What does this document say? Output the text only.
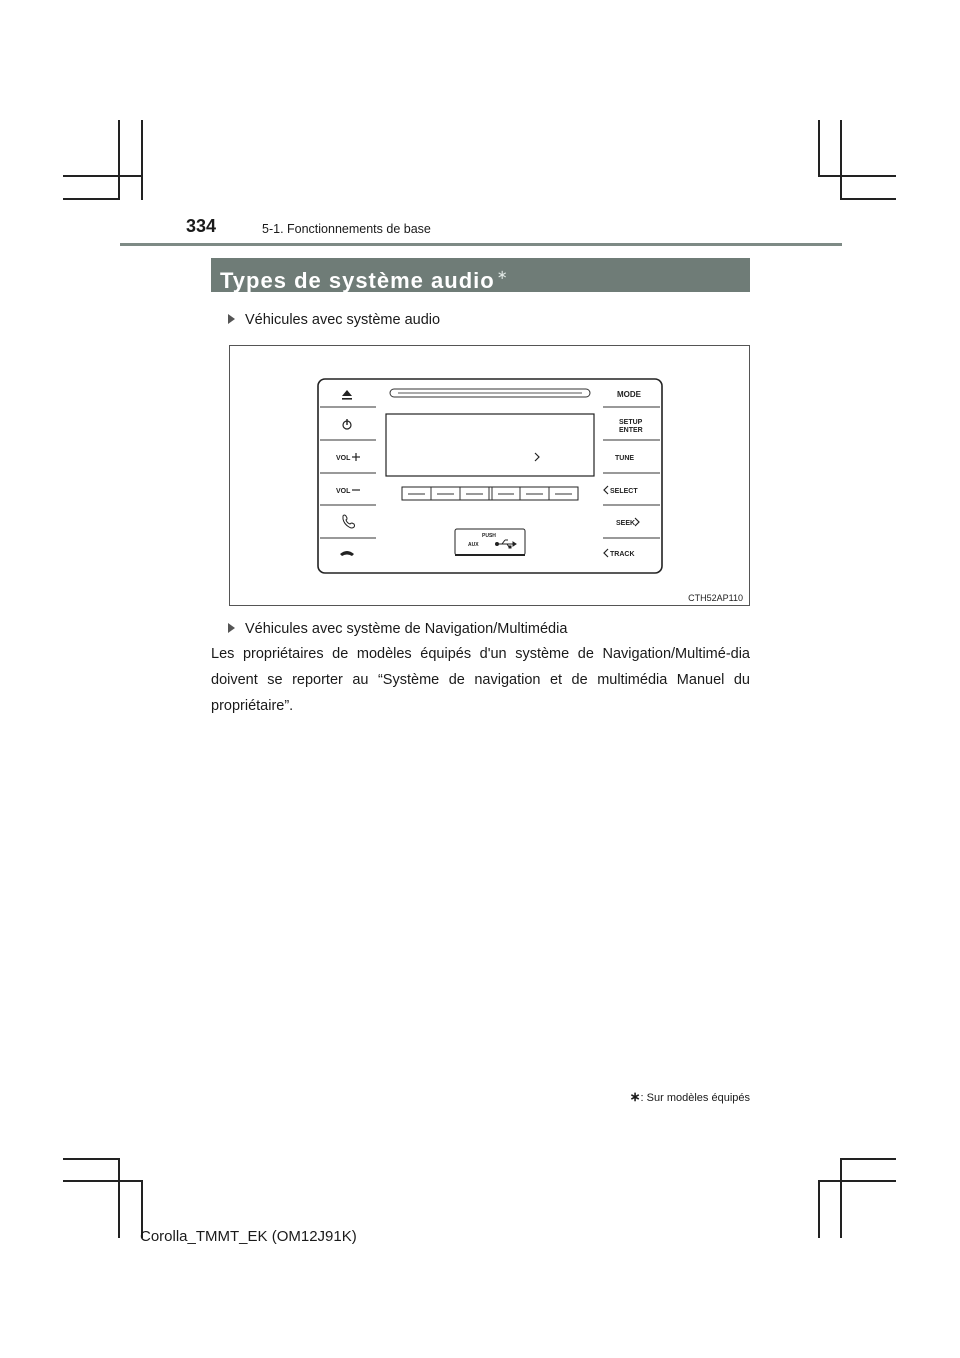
334	5-1. Fonctionnements de base
Types de système audio ∗
Véhicules avec système audio
VOL
VOL
MODE
SETUP
ENTER
TUNE
SELECT
SEEK
TRACK
PUSH
AUX
CTH52AP110
Véhicules avec système de Navigation/Multimédia
Les propriétaires de modèles équipés d'un système de Navigation/Multimé-dia doivent se reporter au “Système de navigation et de multimédia Manuel du propriétaire”.
∗: Sur modèles équipés
Corolla_TMMT_EK (OM12J91K)
